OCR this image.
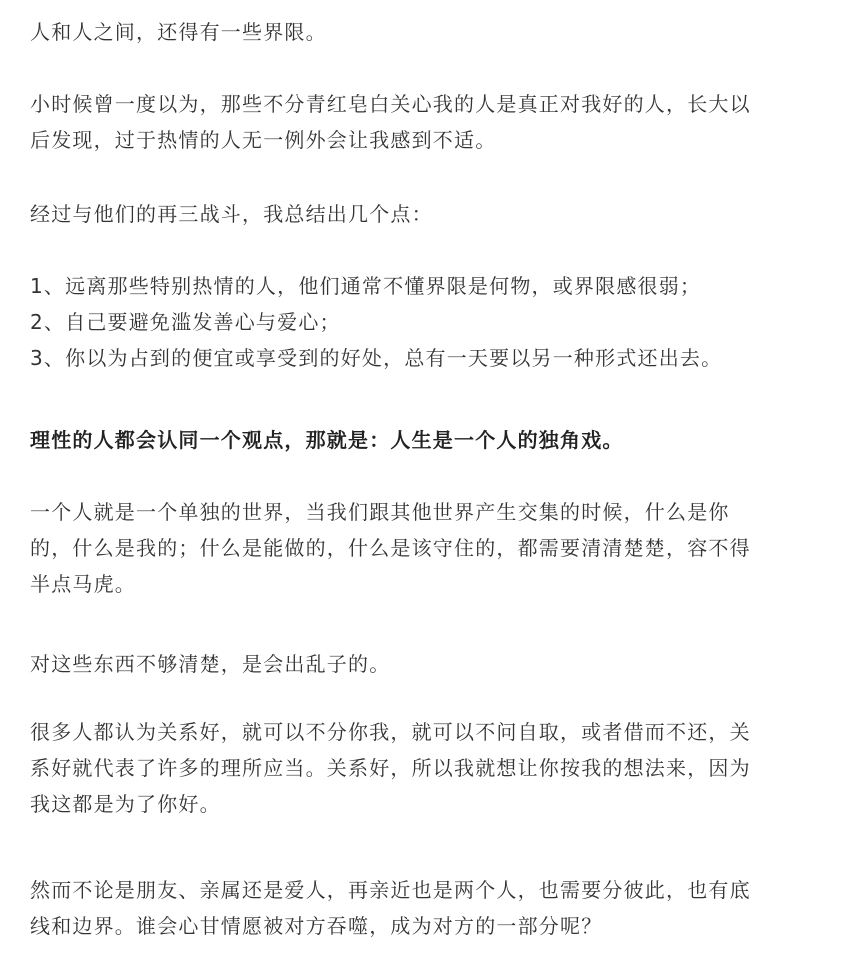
人和人之间，还得有一些界限。

小时候曾一度以为，那些不分青红皂白关心我的人是真正对我好的人，长大以
后发现，过于热情的人无一例外会让我感到不适。

经过与他们的再三战斗，我总结出几个点：

1、远离那些特别热情的人，他们通常不懂界限是何物，或界限感很弱；
2、自己要避免滥发善心与爱心；
3、你以为占到的便宜或享受到的好处，总有一天要以另一种形式还出去。

理性的人都会认同一个观点，那就是：人生是一个人的独角戏。

一个人就是一个单独的世界，当我们跟其他世界产生交集的时候，什么是你
的，什么是我的；什么是能做的，什么是该守住的，都需要清清楚楚，容不得
半点马虎。

对这些东西不够清楚，是会出乱子的。

很多人都认为关系好，就可以不分你我，就可以不问自取，或者借而不还，关
系好就代表了许多的理所应当。关系好，所以我就想让你按我的想法来，因为
我这都是为了你好。

然而不论是朋友、亲属还是爱人，再亲近也是两个人，也需要分彼此，也有底
线和边界。谁会心甘情愿被对方吞噬，成为对方的一部分呢？
